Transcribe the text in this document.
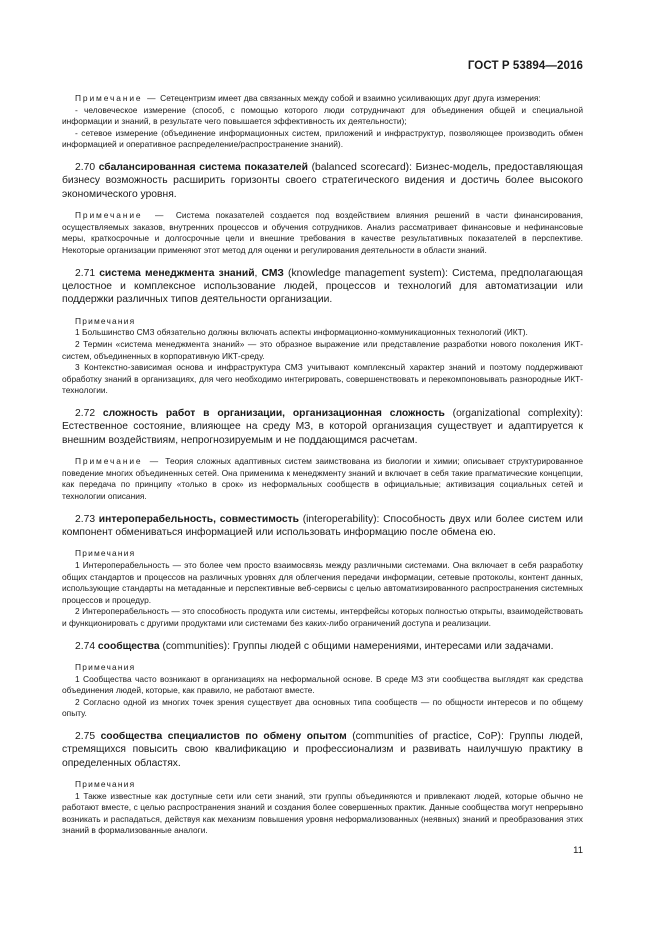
ГОСТ Р 53894—2016

Примечание — Сетецентризм имеет два связанных между собой и взаимно усиливающих друг друга измерения:

- человеческое измерение (способ, с помощью которого люди сотрудничают для объединения общей и специальной информации и знаний, в результате чего повышается эффективность их деятельности);

- сетевое измерение (объединение информационных систем, приложений и инфраструктур, позволяющее производить обмен информацией и оперативное распределение/распространение знаний).

2.70 сбалансированная система показателей (balanced scorecard): Бизнес-модель, предоставляющая бизнесу возможность расширить горизонты своего стратегического видения и достичь более высокого экономического уровня.

Примечание — Система показателей создается под воздействием влияния решений в части финансирования, осуществляемых заказов, внутренних процессов и обучения сотрудников. Анализ рассматривает финансовые и нефинансовые меры, краткосрочные и долгосрочные цели и внешние требования в качестве результативных показателей в перспективе. Некоторые организации применяют этот метод для оценки и регулирования деятельности в области знаний.

2.71 система менеджмента знаний, СМЗ (knowledge management system): Система, предполагающая целостное и комплексное использование людей, процессов и технологий для автоматизации или поддержки различных типов деятельности организации.

Примечания

1 Большинство СМЗ обязательно должны включать аспекты информационно-коммуникационных технологий (ИКТ).

2 Термин «система менеджмента знаний» — это образное выражение или представление разработки нового поколения ИКТ-систем, объединенных в корпоративную ИКТ-среду.

3 Контекстно-зависимая основа и инфраструктура СМЗ учитывают комплексный характер знаний и поэтому поддерживают обработку знаний в организациях, для чего необходимо интегрировать, совершенствовать и перекомпоновывать разнородные ИКТ-технологии.

2.72 сложность работ в организации, организационная сложность (organizational complexity): Естественное состояние, влияющее на среду МЗ, в которой организация существует и адаптируется к внешним воздействиям, непрогнозируемым и не поддающимся расчетам.

Примечание — Теория сложных адаптивных систем заимствована из биологии и химии; описывает структурированное поведение многих объединенных сетей. Она применима к менеджменту знаний и включает в себя такие прагматические концепции, как передача по принципу «только в срок» из неформальных сообществ в официальные; активизация социальных сетей и технологии описания.

2.73 интероперабельность, совместимость (interoperability): Способность двух или более систем или компонент обмениваться информацией или использовать информацию после обмена ею.

Примечания

1 Интероперабельность — это более чем просто взаимосвязь между различными системами. Она включает в себя разработку общих стандартов и процессов на различных уровнях для облегчения передачи информации, сетевые протоколы, контент данных, использующие стандарты на метаданные и перспективные веб-сервисы с целью автоматизированного распространения системных процессов и процедур.

2 Интероперабельность — это способность продукта или системы, интерфейсы которых полностью открыты, взаимодействовать и функционировать с другими продуктами или системами без каких-либо ограничений доступа и реализации.

2.74 сообщества (communities): Группы людей с общими намерениями, интересами или задачами.

Примечания

1 Сообщества часто возникают в организациях на неформальной основе. В среде МЗ эти сообщества выглядят как средства объединения людей, которые, как правило, не работают вместе.

2 Согласно одной из многих точек зрения существует два основных типа сообществ — по общности интересов и по общему опыту.

2.75 сообщества специалистов по обмену опытом (communities of practice, CoP): Группы людей, стремящихся повысить свою квалификацию и профессионализм и развивать наилучшую практику в определенных областях.

Примечания

1 Также известные как доступные сети или сети знаний, эти группы объединяются и привлекают людей, которые обычно не работают вместе, с целью распространения знаний и создания более совершенных практик. Данные сообщества могут непрерывно возникать и распадаться, действуя как механизм повышения уровня неформализованных (неявных) знаний и преобразования этих знаний в формализованные аналоги.

11
